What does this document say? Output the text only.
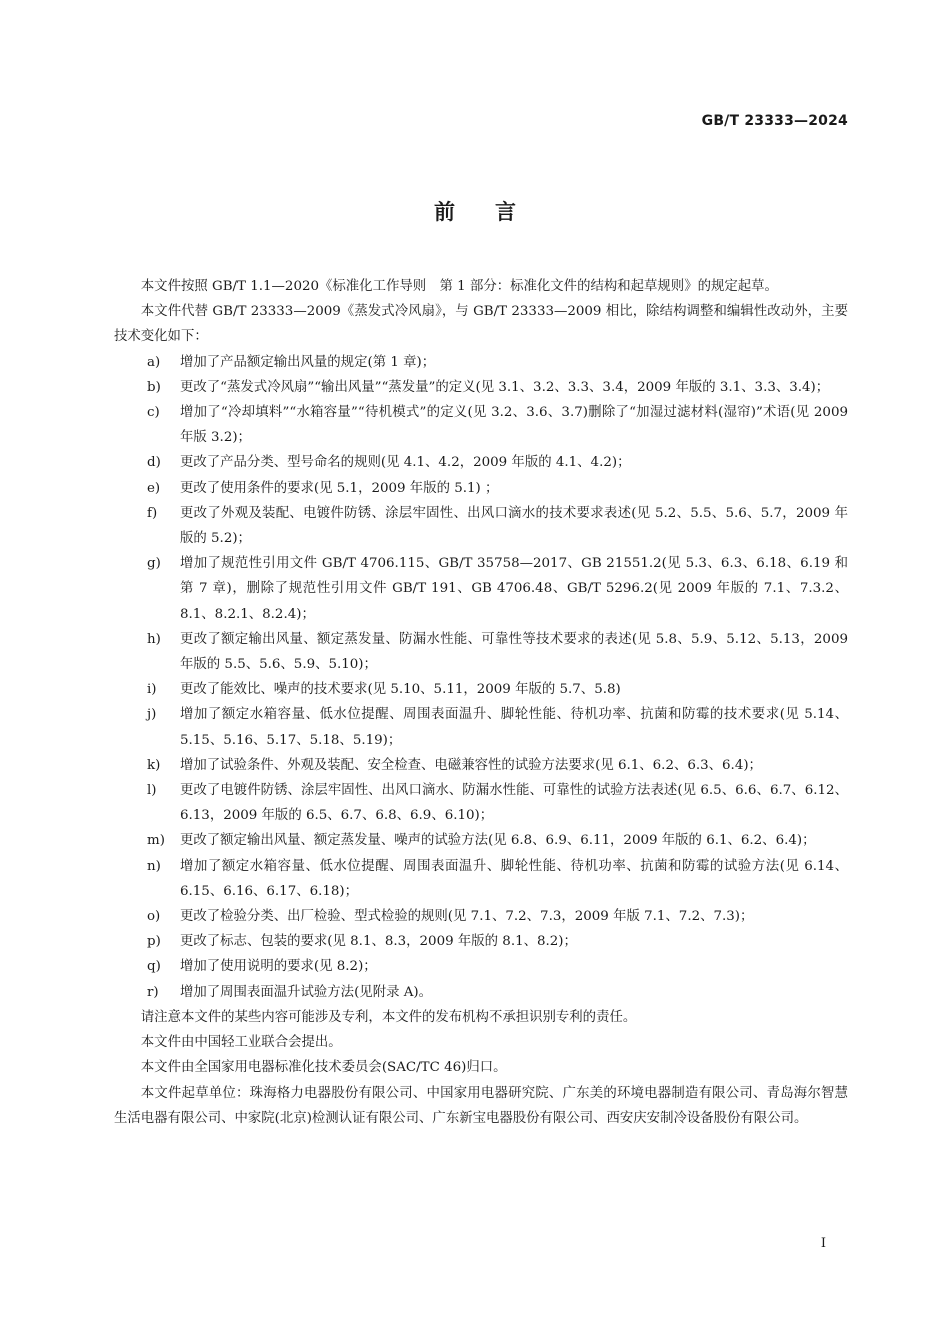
GB/T 23333—2024
前言

本文件按照 GB/T 1.1—2020《标准化工作导则　第 1 部分：标准化文件的结构和起草规则》的规定起草。

本文件代替 GB/T 23333—2009《蒸发式冷风扇》，与 GB/T 23333—2009 相比，除结构调整和编辑性改动外，主要技术变化如下：

a) 增加了产品额定输出风量的规定(第 1 章)；
b) 更改了“蒸发式冷风扇”“输出风量”“蒸发量”的定义(见 3.1、3.2、3.3、3.4，2009 年版的 3.1、3.3、3.4)；
c) 增加了“冷却填料”“水箱容量”“待机模式”的定义(见 3.2、3.6、3.7)删除了“加湿过滤材料(湿帘)”术语(见 2009 年版 3.2)；
d) 更改了产品分类、型号命名的规则(见 4.1、4.2，2009 年版的 4.1、4.2)；
e) 更改了使用条件的要求(见 5.1，2009 年版的 5.1) ；
f) 更改了外观及装配、电镀件防锈、涂层牢固性、出风口滴水的技术要求表述(见 5.2、5.5、5.6、5.7，2009 年版的 5.2)；
g) 增加了规范性引用文件 GB/T 4706.115、GB/T 35758—2017、GB 21551.2(见 5.3、6.3、6.18、6.19 和第 7 章)，删除了规范性引用文件 GB/T 191、GB 4706.48、GB/T 5296.2(见 2009 年版的 7.1、7.3.2、8.1、8.2.1、8.2.4)；
h) 更改了额定输出风量、额定蒸发量、防漏水性能、可靠性等技术要求的表述(见 5.8、5.9、5.12、5.13，2009 年版的 5.5、5.6、5.9、5.10)；
i) 更改了能效比、噪声的技术要求(见 5.10、5.11，2009 年版的 5.7、5.8)
j) 增加了额定水箱容量、低水位提醒、周围表面温升、脚轮性能、待机功率、抗菌和防霉的技术要求(见 5.14、5.15、5.16、5.17、5.18、5.19)；
k) 增加了试验条件、外观及装配、安全检查、电磁兼容性的试验方法要求(见 6.1、6.2、6.3、6.4)；
l) 更改了电镀件防锈、涂层牢固性、出风口滴水、防漏水性能、可靠性的试验方法表述(见 6.5、6.6、6.7、6.12、6.13，2009 年版的 6.5、6.7、6.8、6.9、6.10)；
m) 更改了额定输出风量、额定蒸发量、噪声的试验方法(见 6.8、6.9、6.11，2009 年版的 6.1、6.2、6.4)；
n) 增加了额定水箱容量、低水位提醒、周围表面温升、脚轮性能、待机功率、抗菌和防霉的试验方法(见 6.14、6.15、6.16、6.17、6.18)；
o) 更改了检验分类、出厂检验、型式检验的规则(见 7.1、7.2、7.3，2009 年版 7.1、7.2、7.3)；
p) 更改了标志、包装的要求(见 8.1、8.3，2009 年版的 8.1、8.2)；
q) 增加了使用说明的要求(见 8.2)；
r) 增加了周围表面温升试验方法(见附录 A)。

请注意本文件的某些内容可能涉及专利，本文件的发布机构不承担识别专利的责任。

本文件由中国轻工业联合会提出。

本文件由全国家用电器标准化技术委员会(SAC/TC 46)归口。

本文件起草单位：珠海格力电器股份有限公司、中国家用电器研究院、广东美的环境电器制造有限公司、青岛海尔智慧生活电器有限公司、中家院(北京)检测认证有限公司、广东新宝电器股份有限公司、西安庆安制冷设备股份有限公司。

I
